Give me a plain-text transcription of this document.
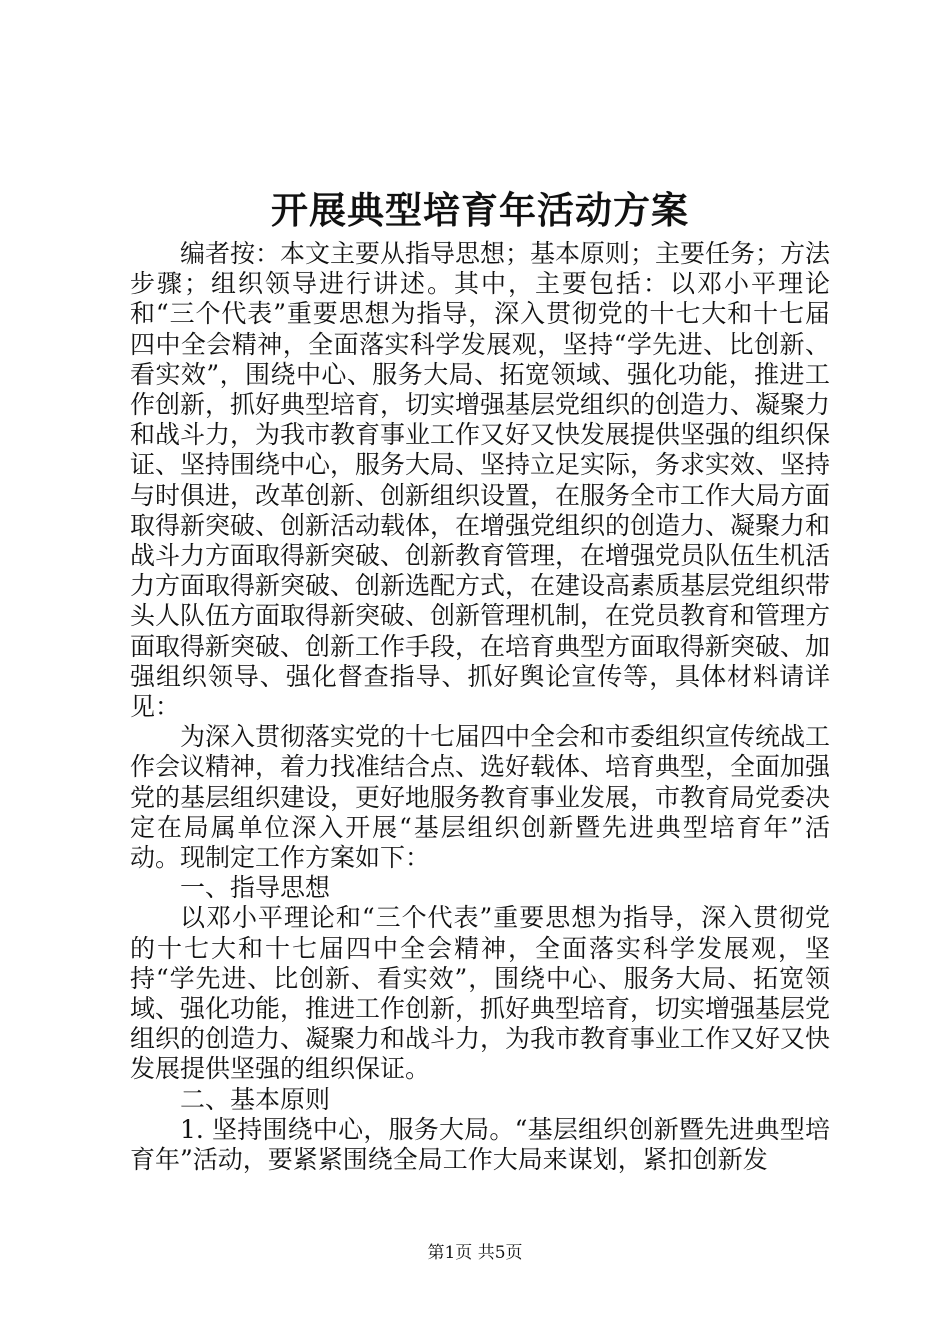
开展典型培育年活动方案

编者按：本文主要从指导思想；基本原则；主要任务；方法步骤；组织领导进行讲述。其中，主要包括：以邓小平理论和“三个代表”重要思想为指导，深入贯彻党的十七大和十七届四中全会精神，全面落实科学发展观，坚持“学先进、比创新、看实效”，围绕中心、服务大局、拓宽领域、强化功能，推进工作创新，抓好典型培育，切实增强基层党组织的创造力、凝聚力和战斗力，为我市教育事业工作又好又快发展提供坚强的组织保证、坚持围绕中心，服务大局、坚持立足实际，务求实效、坚持与时俱进，改革创新、创新组织设置，在服务全市工作大局方面取得新突破、创新活动载体，在增强党组织的创造力、凝聚力和战斗力方面取得新突破、创新教育管理，在增强党员队伍生机活力方面取得新突破、创新选配方式，在建设高素质基层党组织带头人队伍方面取得新突破、创新管理机制，在党员教育和管理方面取得新突破、创新工作手段，在培育典型方面取得新突破、加强组织领导、强化督查指导、抓好舆论宣传等，具体材料请详见：

为深入贯彻落实党的十七届四中全会和市委组织宣传统战工作会议精神，着力找准结合点、选好载体、培育典型，全面加强党的基层组织建设，更好地服务教育事业发展，市教育局党委决定在局属单位深入开展“基层组织创新暨先进典型培育年”活动。现制定工作方案如下：

一、指导思想

以邓小平理论和“三个代表”重要思想为指导，深入贯彻党的十七大和十七届四中全会精神，全面落实科学发展观，坚持“学先进、比创新、看实效”，围绕中心、服务大局、拓宽领域、强化功能，推进工作创新，抓好典型培育，切实增强基层党组织的创造力、凝聚力和战斗力，为我市教育事业工作又好又快发展提供坚强的组织保证。

二、基本原则

1. 坚持围绕中心，服务大局。“基层组织创新暨先进典型培育年”活动，要紧紧围绕全局工作大局来谋划，紧扣创新发

第1页 共5页
